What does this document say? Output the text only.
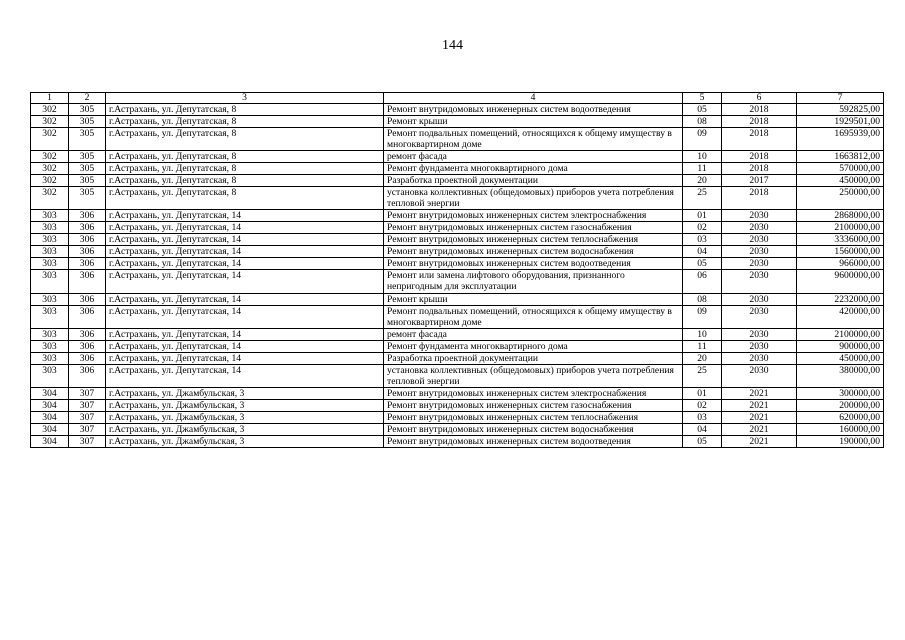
144
1	2	3	4	5	6	7
302	305	г.Астрахань, ул. Депутатская, 8	Ремонт внутридомовых инженерных систем водоотведения	05	2018	592825,00
302	305	г.Астрахань, ул. Депутатская, 8	Ремонт крыши	08	2018	1929501,00
302	305	г.Астрахань, ул. Депутатская, 8	Ремонт подвальных помещений, относящихся к общему имуществу в многоквартирном доме	09	2018	1695939,00
302	305	г.Астрахань, ул. Депутатская, 8	ремонт фасада	10	2018	1663812,00
302	305	г.Астрахань, ул. Депутатская, 8	Ремонт фундамента многоквартирного дома	11	2018	570000,00
302	305	г.Астрахань, ул. Депутатская, 8	Разработка проектной документации	20	2017	450000,00
302	305	г.Астрахань, ул. Депутатская, 8	установка коллективных (общедомовых) приборов учета потребления тепловой энергии	25	2018	250000,00
303	306	г.Астрахань, ул. Депутатская, 14	Ремонт внутридомовых инженерных систем электроснабжения	01	2030	2868000,00
303	306	г.Астрахань, ул. Депутатская, 14	Ремонт внутридомовых инженерных систем газоснабжения	02	2030	2100000,00
303	306	г.Астрахань, ул. Депутатская, 14	Ремонт внутридомовых инженерных систем теплоснабжения	03	2030	3336000,00
303	306	г.Астрахань, ул. Депутатская, 14	Ремонт внутридомовых инженерных систем водоснабжения	04	2030	1560000,00
303	306	г.Астрахань, ул. Депутатская, 14	Ремонт внутридомовых инженерных систем водоотведения	05	2030	966000,00
303	306	г.Астрахань, ул. Депутатская, 14	Ремонт или замена лифтового оборудования, признанного непригодным для эксплуатации	06	2030	9600000,00
303	306	г.Астрахань, ул. Депутатская, 14	Ремонт крыши	08	2030	2232000,00
303	306	г.Астрахань, ул. Депутатская, 14	Ремонт подвальных помещений, относящихся к общему имуществу в многоквартирном доме	09	2030	420000,00
303	306	г.Астрахань, ул. Депутатская, 14	ремонт фасада	10	2030	2100000,00
303	306	г.Астрахань, ул. Депутатская, 14	Ремонт фундамента многоквартирного дома	11	2030	900000,00
303	306	г.Астрахань, ул. Депутатская, 14	Разработка проектной документации	20	2030	450000,00
303	306	г.Астрахань, ул. Депутатская, 14	установка коллективных (общедомовых) приборов учета потребления тепловой энергии	25	2030	380000,00
304	307	г.Астрахань, ул. Джамбульская, 3	Ремонт внутридомовых инженерных систем электроснабжения	01	2021	300000,00
304	307	г.Астрахань, ул. Джамбульская, 3	Ремонт внутридомовых инженерных систем газоснабжения	02	2021	200000,00
304	307	г.Астрахань, ул. Джамбульская, 3	Ремонт внутридомовых инженерных систем теплоснабжения	03	2021	620000,00
304	307	г.Астрахань, ул. Джамбульская, 3	Ремонт внутридомовых инженерных систем водоснабжения	04	2021	160000,00
304	307	г.Астрахань, ул. Джамбульская, 3	Ремонт внутридомовых инженерных систем водоотведения	05	2021	190000,00
